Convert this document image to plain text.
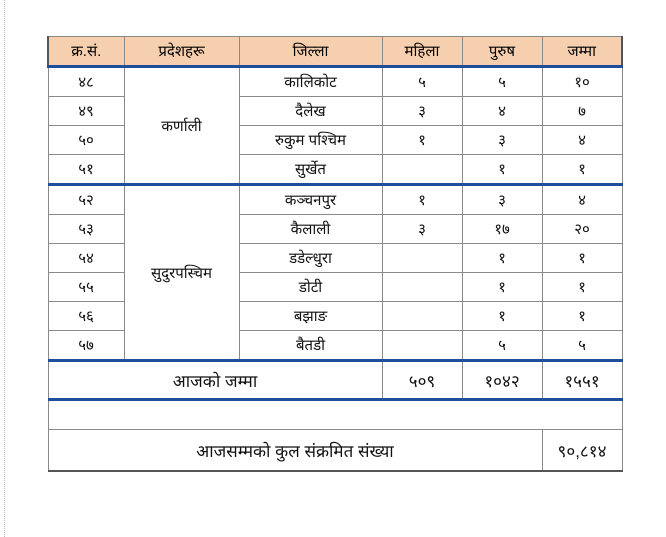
क्र.सं.	प्रदेशहरू	जिल्ला	महिला	पुरुष	जम्मा
४८	कर्णाली	कालिकोट	५	५	१०
४९		दैलेख	३	४	७
५०		रुकुम पश्चिम	१	३	४
५१		सुर्खेत		१	१
५२	सुदुरपस्चिम	कञ्चनपुर	१	३	४
५३		कैलाली	३	१७	२०
५४		डडेल्धुरा		१	१
५५		डोटी		१	१
५६		बझाङ		१	१
५७		बैतडी		५	५
आजको जम्मा			५०९	१०४२	१५५१

आजसम्मको कुल संक्रमित संख्या					९०,८१४
